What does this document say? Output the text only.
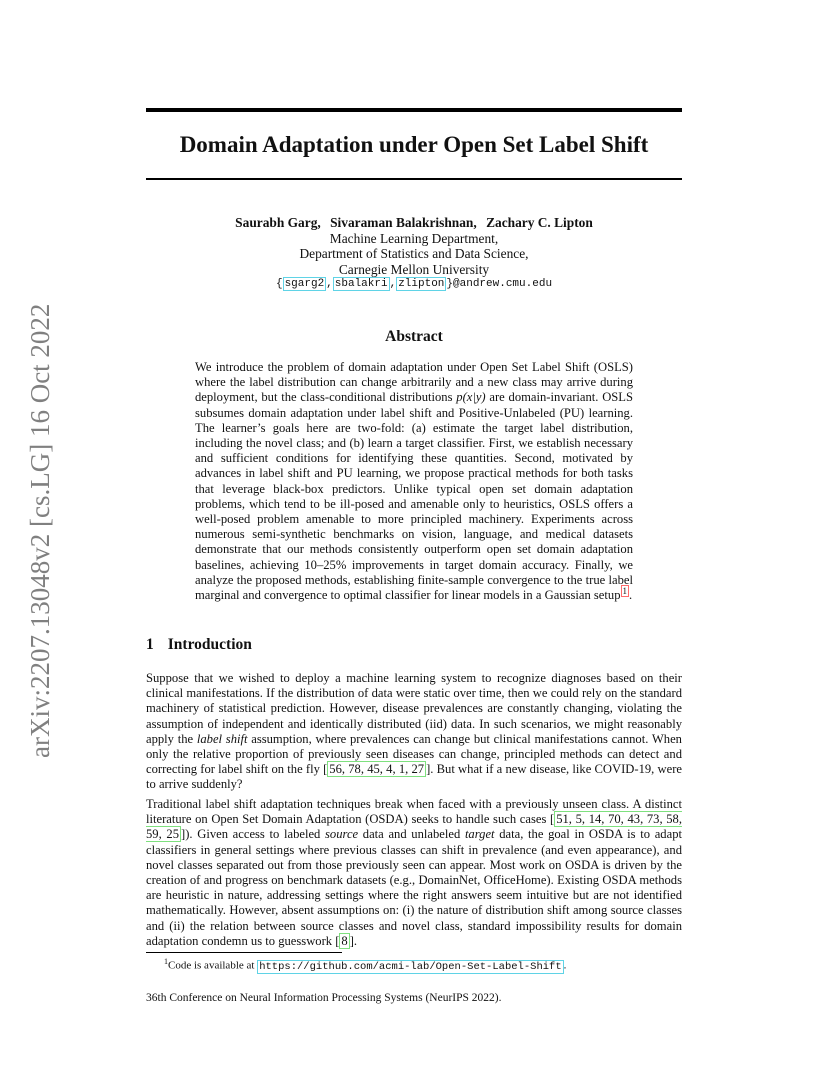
arXiv:2207.13048v2 [cs.LG] 16 Oct 2022
Domain Adaptation under Open Set Label Shift
Saurabh Garg, Sivaraman Balakrishnan, Zachary C. Lipton
Machine Learning Department,
Department of Statistics and Data Science,
Carnegie Mellon University
{ sgarg2 , sbalakri , zlipton }@andrew.cmu.edu
Abstract

We introduce the problem of domain adaptation under Open Set Label Shift (OSLS) where the label distribution can change arbitrarily and a new class may arrive during deployment, but the class-conditional distributions p(x|y) are domain-invariant. OSLS subsumes domain adaptation under label shift and Positive-Unlabeled (PU) learning. The learner’s goals here are two-fold: (a) estimate the target label distribution, including the novel class; and (b) learn a target classifier. First, we establish necessary and sufficient conditions for identifying these quantities. Second, motivated by advances in label shift and PU learning, we propose practical methods for both tasks that leverage black-box predictors. Unlike typical open set domain adaptation problems, which tend to be ill-posed and amenable only to heuristics, OSLS offers a well-posed problem amenable to more principled machinery. Experiments across numerous semi-synthetic benchmarks on vision, language, and medical datasets demonstrate that our methods consistently outperform open set domain adaptation baselines, achieving 10–25% improvements in target domain accuracy. Finally, we analyze the proposed methods, establishing finite-sample convergence to the true label marginal and convergence to optimal classifier for linear models in a Gaussian setup $^1$ .

1 Introduction

Suppose that we wished to deploy a machine learning system to recognize diagnoses based on their clinical manifestations. If the distribution of data were static over time, then we could rely on the standard machinery of statistical prediction. However, disease prevalences are constantly changing, violating the assumption of independent and identically distributed (iid) data. In such scenarios, we might reasonably apply the label shift assumption, where prevalences can change but clinical manifestations cannot. When only the relative proportion of previously seen diseases can change, principled methods can detect and correcting for label shift on the fly [ 56, 78, 45, 4, 1, 27 ]. But what if a new disease, like COVID-19, were to arrive suddenly?

Traditional label shift adaptation techniques break when faced with a previously unseen class. A distinct literature on Open Set Domain Adaptation (OSDA) seeks to handle such cases [ 51, 5, 14, 70, 43, 73, 58, 59, 25 ]). Given access to labeled source data and unlabeled target data, the goal in OSDA is to adapt classifiers in general settings where previous classes can shift in prevalence (and even appearance), and novel classes separated out from those previously seen can appear. Most work on OSDA is driven by the creation of and progress on benchmark datasets (e.g., DomainNet, OfficeHome). Existing OSDA methods are heuristic in nature, addressing settings where the right answers seem intuitive but are not identified mathematically. However, absent assumptions on: (i) the nature of distribution shift among source classes and (ii) the relation between source classes and novel class, standard impossibility results for domain adaptation condemn us to guesswork [ 8 ].

$^1$Code is available at https://github.com/acmi-lab/Open-Set-Label-Shift .
36th Conference on Neural Information Processing Systems (NeurIPS 2022).
